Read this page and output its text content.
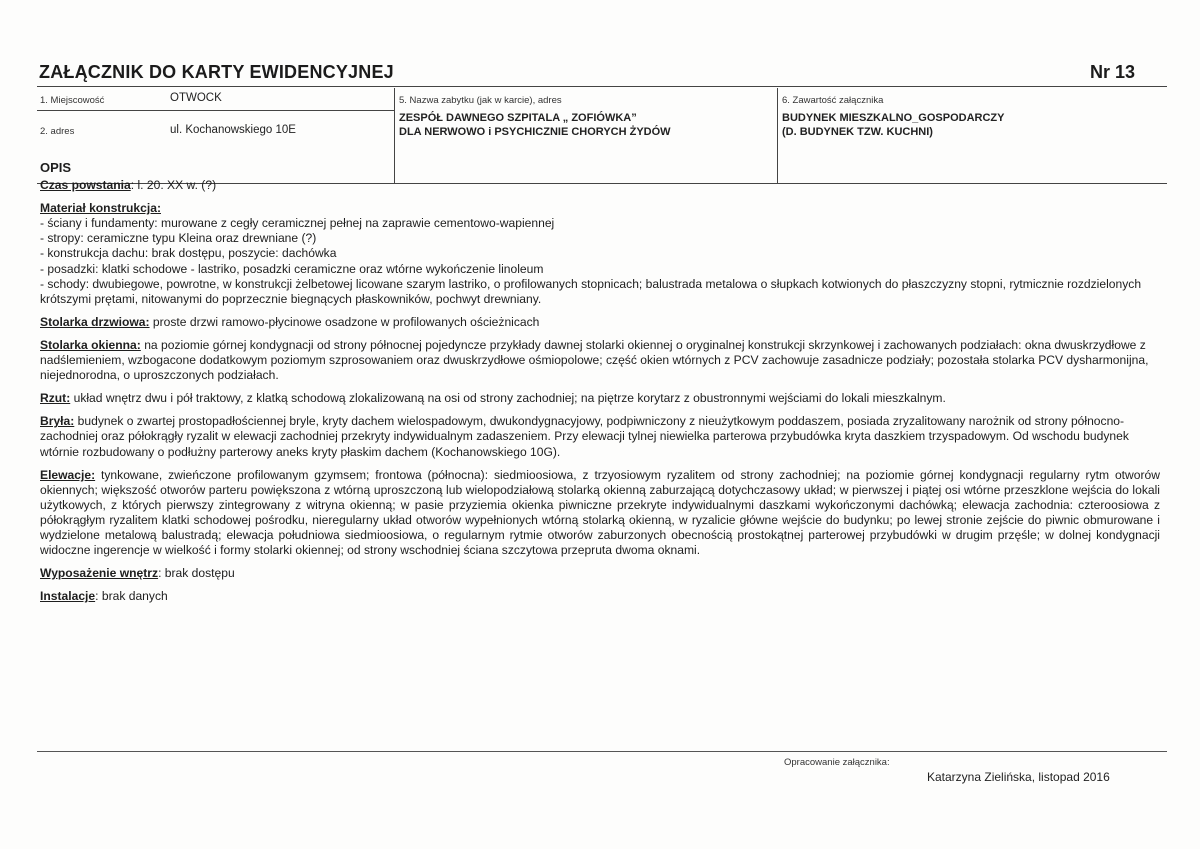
ZAŁĄCZNIK DO KARTY EWIDENCYJNEJ	Nr 13
1. Miejscowość	OTWOCK
2. adres	ul. Kochanowskiego 10E
5. Nazwa zabytku (jak w karcie), adres
ZESPÓŁ DAWNEGO SZPITALA „ ZOFIÓWKA”
DLA NERWOWO i PSYCHICZNIE CHORYCH ŻYDÓW
6. Zawartość załącznika
BUDYNEK MIESZKALNO_GOSPODARCZY
(D. BUDYNEK TZW. KUCHNI)

OPIS

Czas powstania: l. 20. XX w. (?)

Materiał konstrukcja:

- ściany i fundamenty: murowane z cegły ceramicznej pełnej na zaprawie cementowo-wapiennej

- stropy: ceramiczne typu Kleina oraz drewniane (?)

- konstrukcja dachu: brak dostępu, poszycie: dachówka

- posadzki: klatki schodowe - lastriko, posadzki ceramiczne oraz wtórne wykończenie linoleum

- schody: dwubiegowe, powrotne, w konstrukcji żelbetowej licowane szarym lastriko, o profilowanych stopnicach; balustrada metalowa o słupkach kotwionych do płaszczyzny stopni, rytmicznie rozdzielonych krótszymi prętami, nitowanymi do poprzecznie biegnących płaskowników, pochwyt drewniany.

Stolarka drzwiowa: proste drzwi ramowo-płycinowe osadzone w profilowanych ościeżnicach

Stolarka okienna: na poziomie górnej kondygnacji od strony północnej pojedyncze przykłady dawnej stolarki okiennej o oryginalnej konstrukcji skrzynkowej i zachowanych podziałach: okna dwuskrzydłowe z nadślemieniem, wzbogacone dodatkowym poziomym szprosowaniem oraz dwuskrzydłowe ośmiopolowe; część okien wtórnych z PCV zachowuje zasadnicze podziały; pozostała stolarka PCV dysharmonijna, niejednorodna, o uproszczonych podziałach.

Rzut: układ wnętrz dwu i pół traktowy, z klatką schodową zlokalizowaną na osi od strony zachodniej; na piętrze korytarz z obustronnymi wejściami do lokali mieszkalnym.

Bryła: budynek o zwartej prostopadłościennej bryle, kryty dachem wielospadowym, dwukondygnacyjowy, podpiwniczony z nieużytkowym poddaszem, posiada zryzalitowany narożnik od strony północno-zachodniej oraz półokrągły ryzalit w elewacji zachodniej przekryty indywidualnym zadaszeniem. Przy elewacji tylnej niewielka parterowa przybudówka kryta daszkiem trzyspadowym. Od wschodu budynek wtórnie rozbudowany o podłużny parterowy aneks kryty płaskim dachem (Kochanowskiego 10G).

Elewacje: tynkowane, zwieńczone profilowanym gzymsem; frontowa (północna): siedmioosiowa, z trzyosiowym ryzalitem od strony zachodniej; na poziomie górnej kondygnacji regularny rytm otworów okiennych; większość otworów parteru powiększona z wtórną uproszczoną lub wielopodziałową stolarką okienną zaburzającą dotychczasowy układ; w pierwszej i piątej osi wtórne przeszklone wejścia do lokali użytkowych, z których pierwszy zintegrowany z witryna okienną; w pasie przyziemia okienka piwniczne przekryte indywidualnymi daszkami wykończonymi dachówką; elewacja zachodnia: czteroosiowa z półokrągłym ryzalitem klatki schodowej pośrodku, nieregularny układ otworów wypełnionych wtórną stolarką okienną, w ryzalicie główne wejście do budynku; po lewej stronie zejście do piwnic obmurowane i wydzielone metalową balustradą; elewacja południowa siedmioosiowa, o regularnym rytmie otworów zaburzonych obecnością prostokątnej parterowej przybudówki w drugim przęśle; w dolnej kondygnacji widoczne ingerencje w wielkość i formy stolarki okiennej; od strony wschodniej ściana szczytowa przepruta dwoma oknami.

Wyposażenie wnętrz: brak dostępu

Instalacje: brak danych

Opracowanie załącznika:
Katarzyna Zielińska, listopad 2016
